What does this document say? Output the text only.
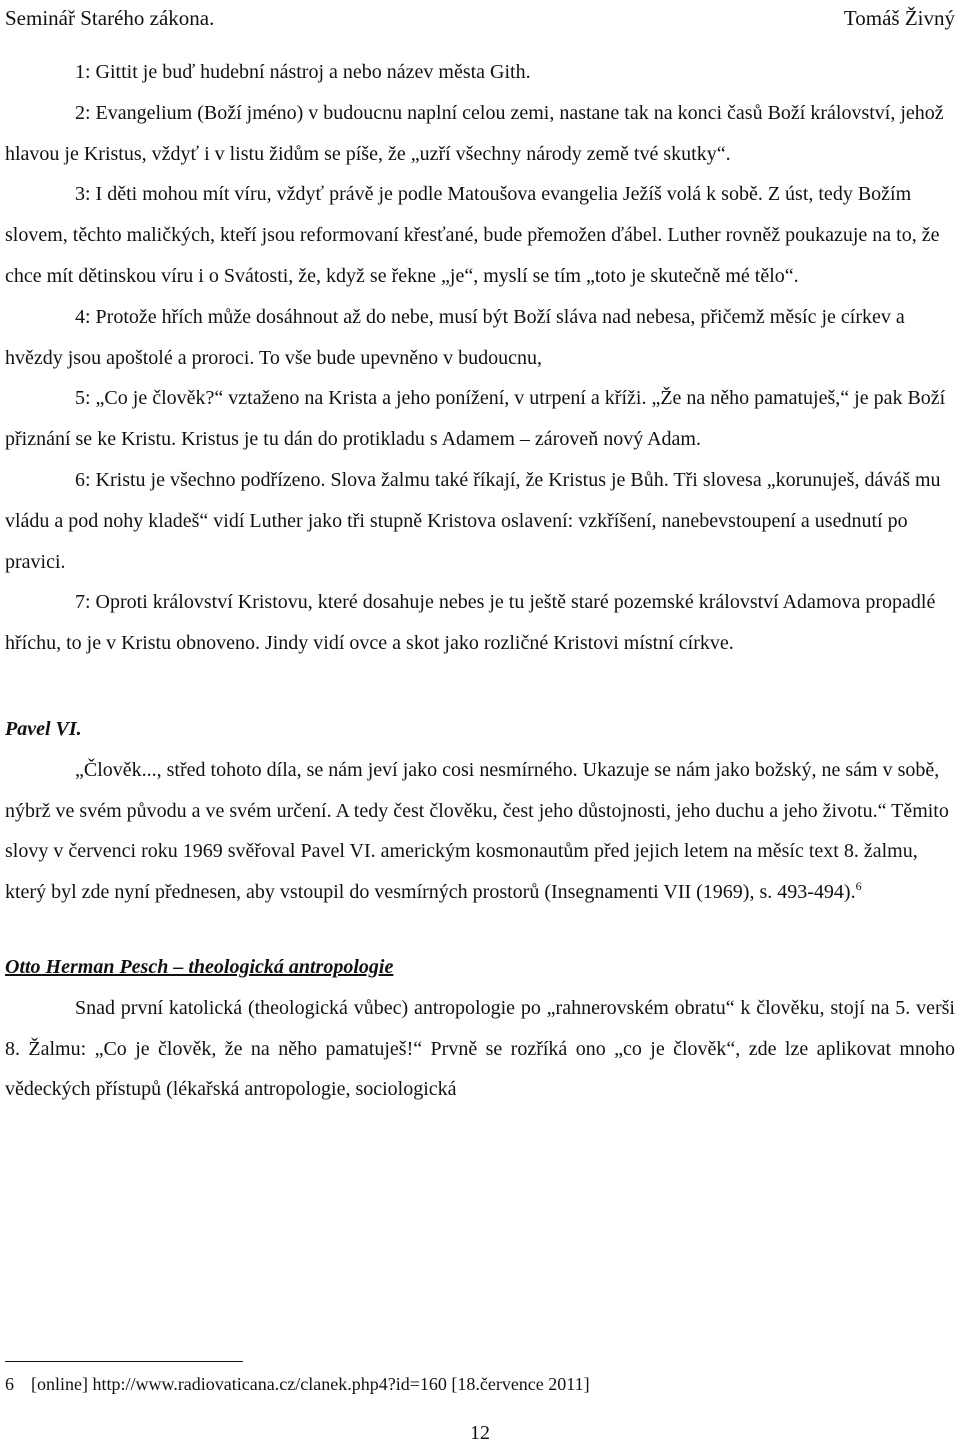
Seminář Starého zákona.	Tomáš Živný

1: Gittit je buď hudební nástroj a nebo název města Gith.

2: Evangelium (Boží jméno) v budoucnu naplní celou zemi, nastane tak na konci časů Boží království, jehož hlavou je Kristus, vždyť i v listu židům se píše, že „uzří všechny národy země tvé skutky“.

3: I děti mohou mít víru, vždyť právě je podle Matoušova evangelia Ježíš volá k sobě. Z úst, tedy Božím slovem, těchto maličkých, kteří jsou reformovaní křesťané, bude přemožen ďábel. Luther rovněž poukazuje na to, že chce mít dětinskou víru i o Svátosti, že, když se řekne „je“, myslí se tím „toto je skutečně mé tělo“.

4: Protože hřích může dosáhnout až do nebe, musí být Boží sláva nad nebesa, přičemž měsíc je církev a hvězdy jsou apoštolé a proroci. To vše bude upevněno v budoucnu,

5: „Co je člověk?“ vztaženo na Krista a jeho ponížení, v utrpení a kříži. „Že na něho pamatuješ,“ je pak Boží přiznání se ke Kristu. Kristus je tu dán do protikladu s Adamem – zároveň nový Adam.

6: Kristu je všechno podřízeno. Slova žalmu také říkají, že Kristus je Bůh. Tři slovesa „korunuješ, dáváš mu vládu a pod nohy kladeš“ vidí Luther jako tři stupně Kristova oslavení: vzkříšení, nanebevstoupení a usednutí po pravici.

7: Oproti království Kristovu, které dosahuje nebes je tu ještě staré pozemské království Adamova propadlé hříchu, to je v Kristu obnoveno. Jindy vidí ovce a skot jako rozličné Kristovi místní církve.

Pavel VI.

„Člověk..., střed tohoto díla, se nám jeví jako cosi nesmírného. Ukazuje se nám jako božský, ne sám v sobě, nýbrž ve svém původu a ve svém určení. A tedy čest člověku, čest jeho důstojnosti, jeho duchu a jeho životu.“ Těmito slovy v červenci roku 1969 svěřoval Pavel VI. americkým kosmonautům před jejich letem na měsíc text 8. žalmu, který byl zde nyní přednesen, aby vstoupil do vesmírných prostorů (Insegnamenti VII (1969), s. 493-494).$^6$

Otto Herman Pesch – theologická antropologie

Snad první katolická (theologická vůbec) antropologie po „rahnerovském obratu“ k člověku, stojí na 5. verši 8. Žalmu: „Co je člověk, že na něho pamatuješ!“ Prvně se rozříká ono „co je člověk“, zde lze aplikovat mnoho vědeckých přístupů (lékařská antropologie, sociologická

6 [online] http://www.radiovaticana.cz/clanek.php4?id=160 [18.července 2011]
12
